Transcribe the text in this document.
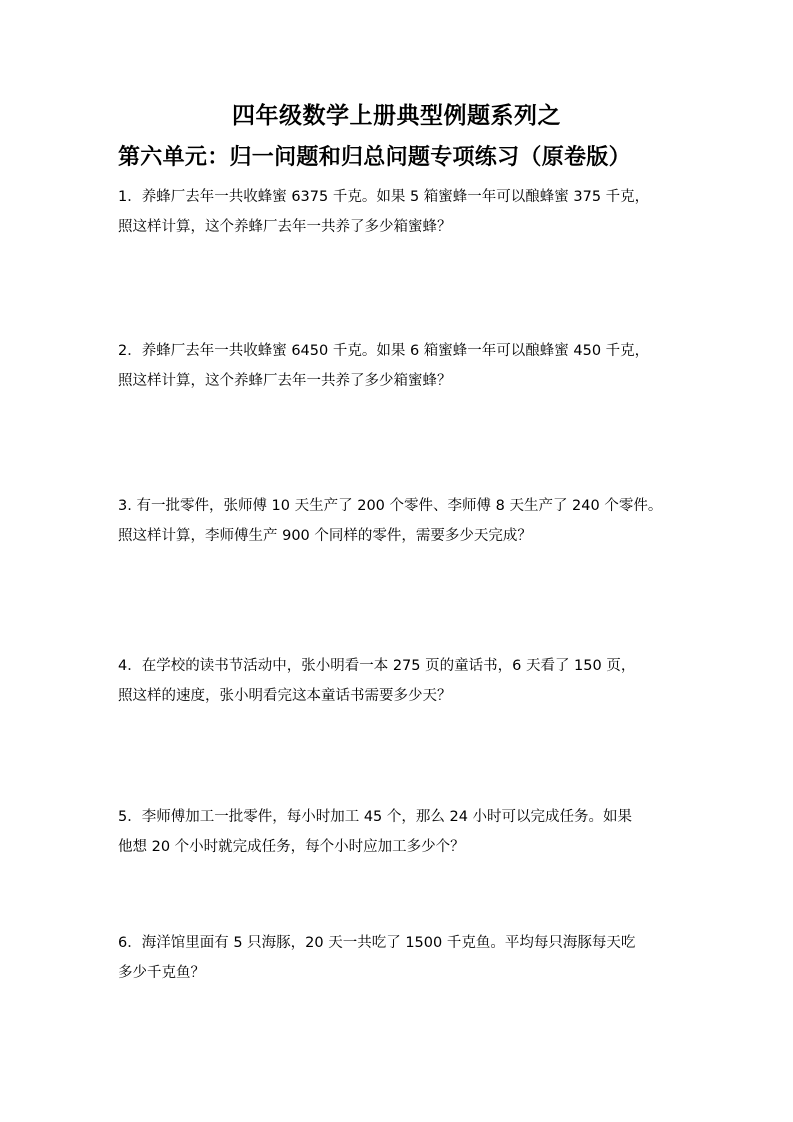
四年级数学上册典型例题系列之
第六单元：归一问题和归总问题专项练习（原卷版）
1．养蜂厂去年一共收蜂蜜 6375 千克。如果 5 箱蜜蜂一年可以酿蜂蜜 375 千克，
照这样计算，这个养蜂厂去年一共养了多少箱蜜蜂？
2．养蜂厂去年一共收蜂蜜 6450 千克。如果 6 箱蜜蜂一年可以酿蜂蜜 450 千克，
照这样计算，这个养蜂厂去年一共养了多少箱蜜蜂？
3. 有一批零件，张师傅 10 天生产了 200 个零件、李师傅 8 天生产了 240 个零件。
照这样计算，李师傅生产 900 个同样的零件，需要多少天完成？
4．在学校的读书节活动中，张小明看一本 275 页的童话书，6 天看了 150 页，
照这样的速度，张小明看完这本童话书需要多少天？
5．李师傅加工一批零件，每小时加工 45 个，那么 24 小时可以完成任务。如果
他想 20 个小时就完成任务，每个小时应加工多少个？
6．海洋馆里面有 5 只海豚，20 天一共吃了 1500 千克鱼。平均每只海豚每天吃
多少千克鱼？
